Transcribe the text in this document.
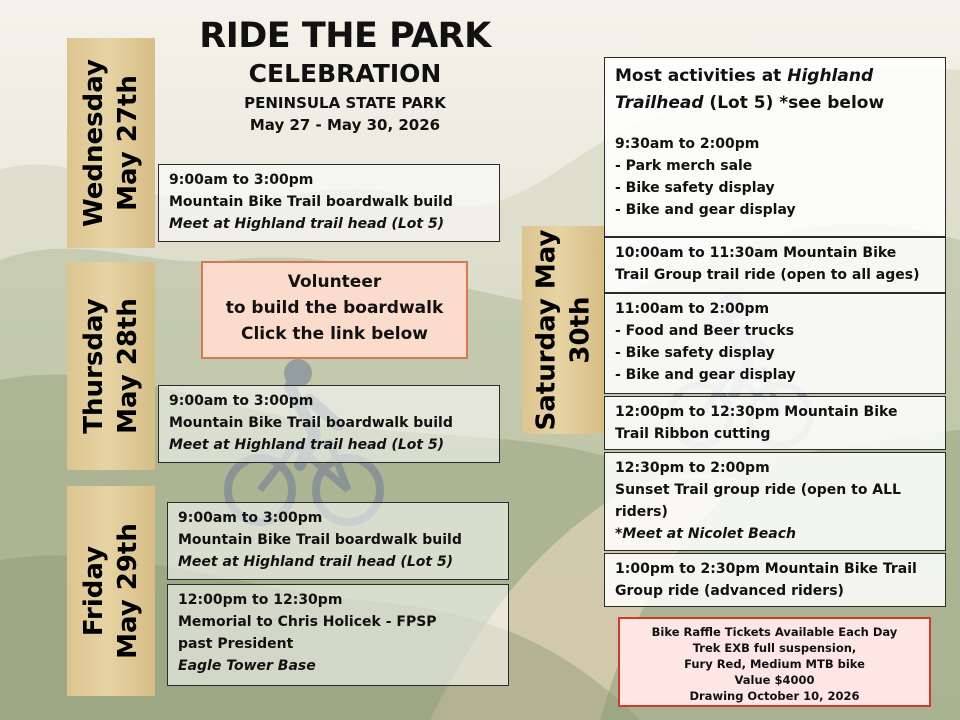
RIDE THE PARK
CELEBRATION
PENINSULA STATE PARK
May 27 - May 30, 2026
Wednesday May 27th
Thursday May 28th
Friday May 29th
Saturday May 30th
9:00am to 3:00pm
Mountain Bike Trail boardwalk build
Meet at Highland trail head (Lot 5)
Volunteer
to build the boardwalk
Click the link below
9:00am to 3:00pm
Mountain Bike Trail boardwalk build
Meet at Highland trail head (Lot 5)
9:00am to 3:00pm
Mountain Bike Trail boardwalk build
Meet at Highland trail head (Lot 5)
12:00pm to 12:30pm
Memorial to Chris Holicek - FPSP
past President
Eagle Tower Base
Most activities at Highland Trailhead (Lot 5) *see below
9:30am to 2:00pm
- Park merch sale
- Bike safety display
- Bike and gear display
10:00am to 11:30am Mountain Bike
Trail Group trail ride (open to all ages)
11:00am to 2:00pm
- Food and Beer trucks
- Bike safety display
- Bike and gear display
12:00pm to 12:30pm Mountain Bike
Trail Ribbon cutting
12:30pm to 2:00pm
Sunset Trail group ride (open to ALL
riders)
*Meet at Nicolet Beach
1:00pm to 2:30pm Mountain Bike Trail
Group ride (advanced riders)
Bike Raffle Tickets Available Each Day
Trek EXB full suspension,
Fury Red, Medium MTB bike
Value $4000
Drawing October 10, 2026
